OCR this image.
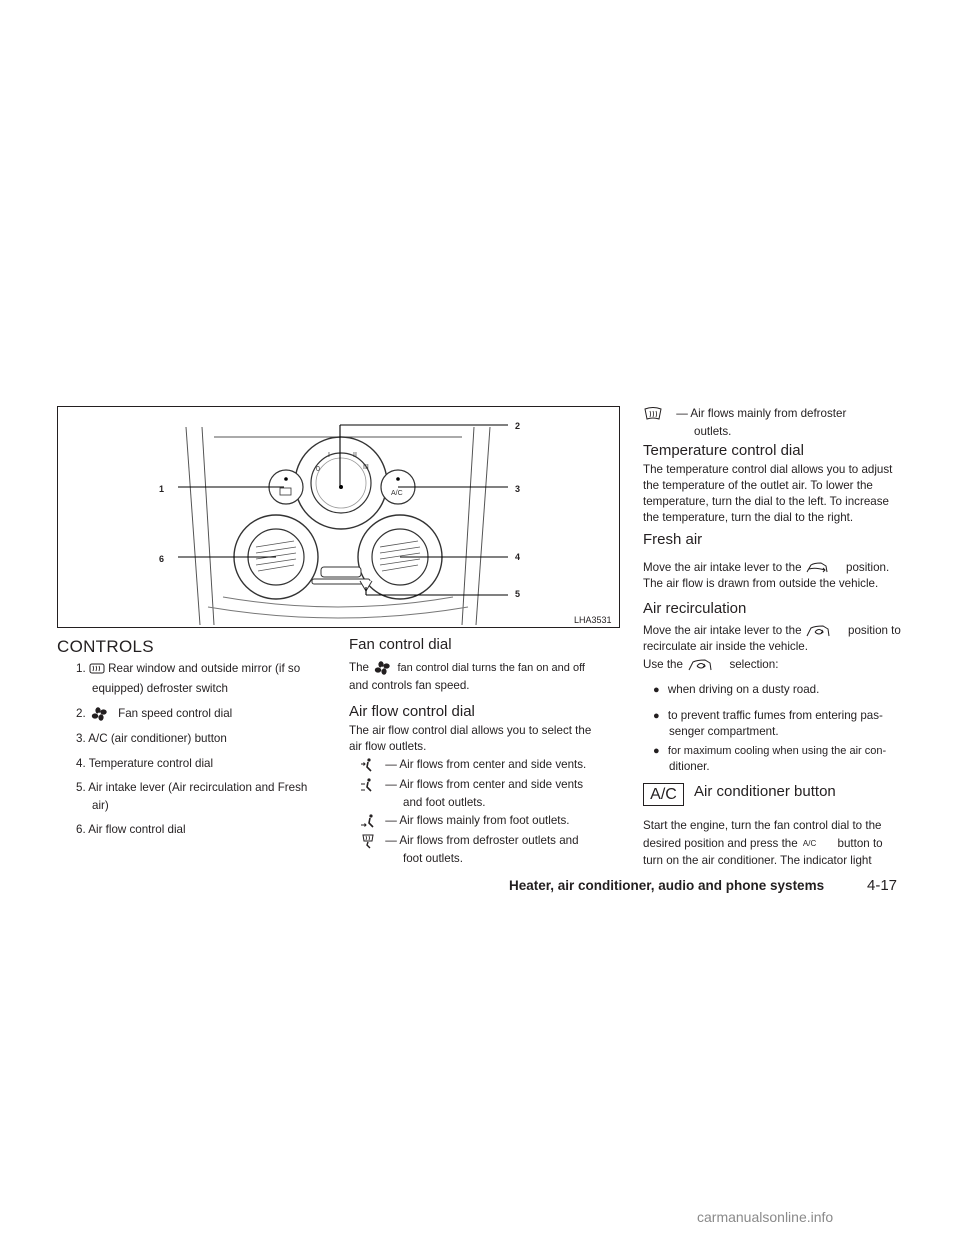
0
I	II
III
A/C
1
2
3
4
5
6
LHA3531
CONTROLS
1. Rear window and outside mirror (if so
equipped) defroster switch
2.	Fan speed control dial
3. A/C (air conditioner) button
4. Temperature control dial
5. Air intake lever (Air recirculation and Fresh
air)
6. Air flow control dial
Fan control dial
The	fan control dial turns the fan on and off
and controls fan speed.
Air flow control dial
The air flow control dial allows you to select the
air flow outlets.
— Air flows from center and side vents.
— Air flows from center and side vents
and foot outlets.
— Air flows mainly from foot outlets.
— Air flows from defroster outlets and
foot outlets.
— Air flows mainly from defroster
outlets.
Temperature control dial
The temperature control dial allows you to adjust
the temperature of the outlet air. To lower the
temperature, turn the dial to the left. To increase
the temperature, turn the dial to the right.
Fresh air
Move the air intake lever to the	position.
The air flow is drawn from outside the vehicle.
Air recirculation
Move the air intake lever to the	position to
recirculate air inside the vehicle.
Use the	selection:
● when driving on a dusty road.
● to prevent traffic fumes from entering pas-
senger compartment.
● for maximum cooling when using the air con-
ditioner.
A/C	Air conditioner button
Start the engine, turn the fan control dial to the
desired position and press the $^{A/C}$ button to
turn on the air conditioner. The indicator light
Heater, air conditioner, audio and phone systems	4-17
carmanualsonline.info
